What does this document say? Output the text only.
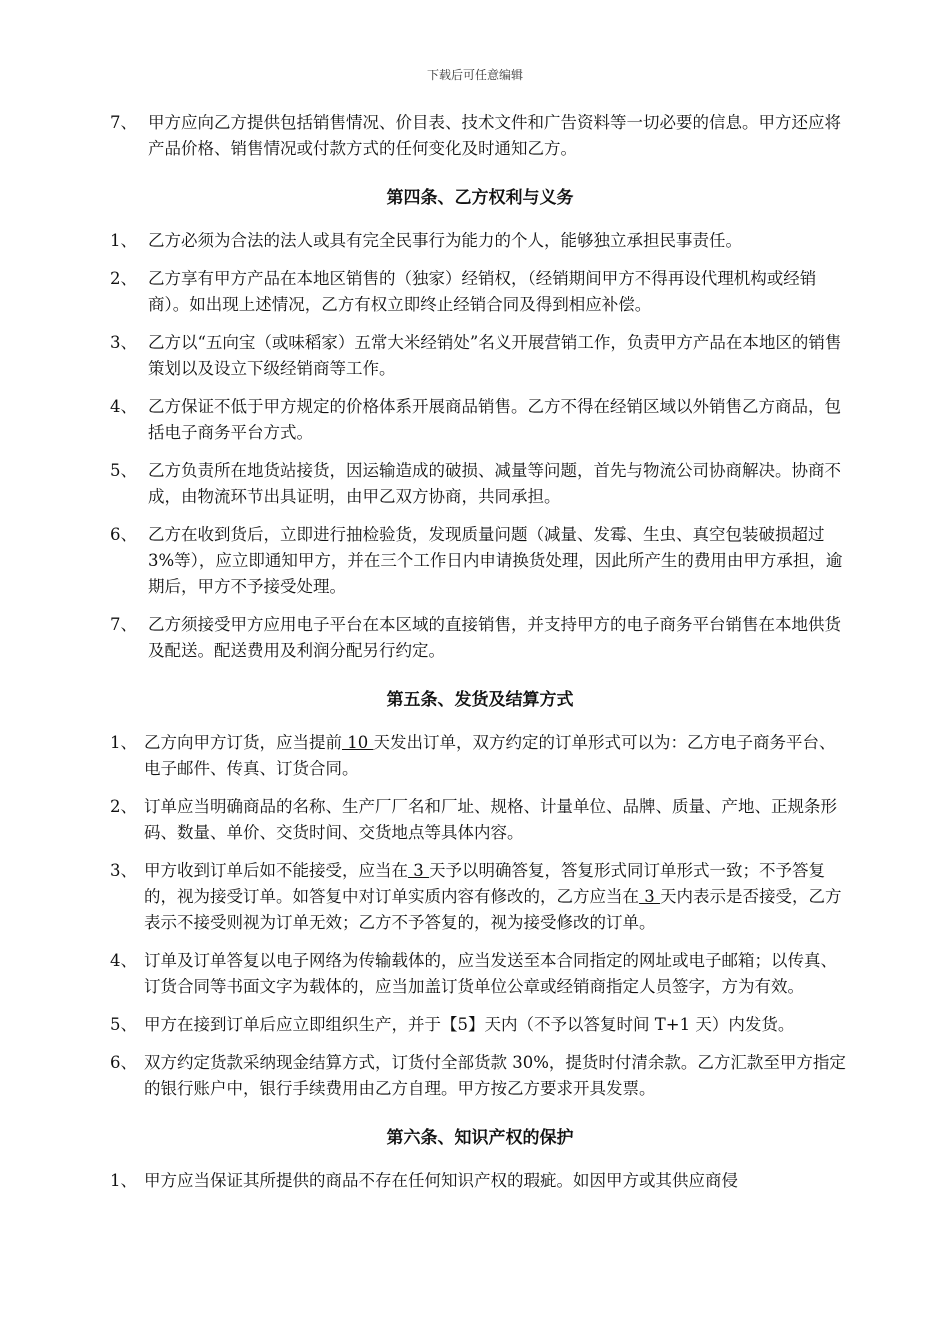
下载后可任意编辑
7、 甲方应向乙方提供包括销售情况、价目表、技术文件和广告资料等一切必要的信息。甲方还应将产品价格、销售情况或付款方式的任何变化及时通知乙方。
第四条、乙方权利与义务
1、 乙方必须为合法的法人或具有完全民事行为能力的个人，能够独立承担民事责任。
2、 乙方享有甲方产品在本地区销售的（独家）经销权，（经销期间甲方不得再设代理机构或经销商）。如出现上述情况，乙方有权立即终止经销合同及得到相应补偿。
3、 乙方以“五向宝（或味稻家）五常大米经销处”名义开展营销工作，负责甲方产品在本地区的销售策划以及设立下级经销商等工作。
4、 乙方保证不低于甲方规定的价格体系开展商品销售。乙方不得在经销区域以外销售乙方商品，包括电子商务平台方式。
5、 乙方负责所在地货站接货，因运输造成的破损、减量等问题，首先与物流公司协商解决。协商不成，由物流环节出具证明，由甲乙双方协商，共同承担。
6、 乙方在收到货后，立即进行抽检验货，发现质量问题（减量、发霉、生虫、真空包装破损超过3%等），应立即通知甲方，并在三个工作日内申请换货处理，因此所产生的费用由甲方承担，逾期后，甲方不予接受处理。
7、 乙方须接受甲方应用电子平台在本区域的直接销售，并支持甲方的电子商务平台销售在本地供货及配送。配送费用及利润分配另行约定。
第五条、发货及结算方式
1、 乙方向甲方订货，应当提前 10 天发出订单，双方约定的订单形式可以为：乙方电子商务平台、电子邮件、传真、订货合同。
2、 订单应当明确商品的名称、生产厂厂名和厂址、规格、计量单位、品牌、质量、产地、正规条形码、数量、单价、交货时间、交货地点等具体内容。
3、 甲方收到订单后如不能接受，应当在 3 天予以明确答复，答复形式同订单形式一致；不予答复的，视为接受订单。如答复中对订单实质内容有修改的，乙方应当在 3 天内表示是否接受，乙方表示不接受则视为订单无效；乙方不予答复的，视为接受修改的订单。
4、 订单及订单答复以电子网络为传输载体的，应当发送至本合同指定的网址或电子邮箱；以传真、订货合同等书面文字为载体的，应当加盖订货单位公章或经销商指定人员签字，方为有效。
5、 甲方在接到订单后应立即组织生产，并于【5】天内（不予以答复时间 T+1 天）内发货。
6、 双方约定货款采纳现金结算方式，订货付全部货款 30%，提货时付清余款。乙方汇款至甲方指定的银行账户中，银行手续费用由乙方自理。甲方按乙方要求开具发票。
第六条、知识产权的保护
1、 甲方应当保证其所提供的商品不存在任何知识产权的瑕疵。如因甲方或其供应商侵
